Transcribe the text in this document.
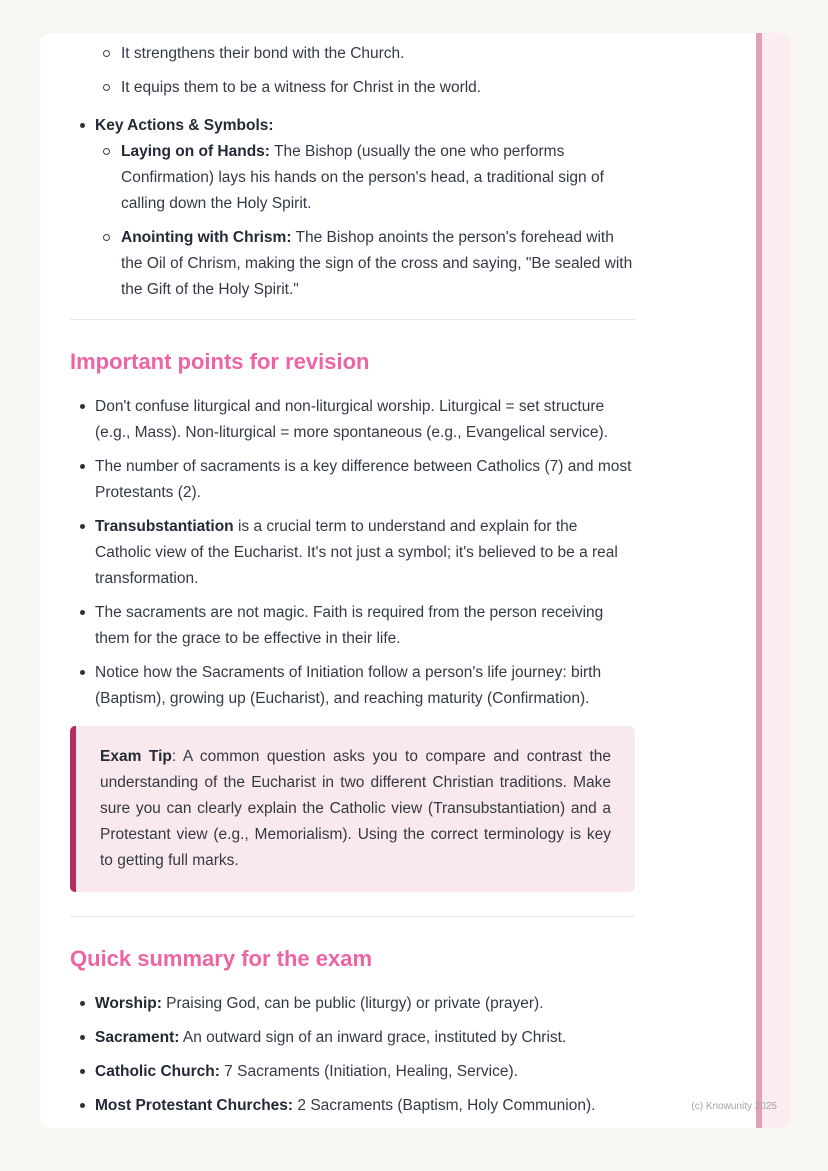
It strengthens their bond with the Church.

It equips them to be a witness for Christ in the world.

Key Actions & Symbols:

Laying on of Hands: The Bishop (usually the one who performs Confirmation) lays his hands on the person's head, a traditional sign of calling down the Holy Spirit.

Anointing with Chrism: The Bishop anoints the person's forehead with the Oil of Chrism, making the sign of the cross and saying, "Be sealed with the Gift of the Holy Spirit."

Important points for revision

Don't confuse liturgical and non-liturgical worship. Liturgical = set structure (e.g., Mass). Non-liturgical = more spontaneous (e.g., Evangelical service).

The number of sacraments is a key difference between Catholics (7) and most Protestants (2).

Transubstantiation is a crucial term to understand and explain for the Catholic view of the Eucharist. It's not just a symbol; it's believed to be a real transformation.

The sacraments are not magic. Faith is required from the person receiving them for the grace to be effective in their life.

Notice how the Sacraments of Initiation follow a person's life journey: birth (Baptism), growing up (Eucharist), and reaching maturity (Confirmation).

Exam Tip: A common question asks you to compare and contrast the understanding of the Eucharist in two different Christian traditions. Make sure you can clearly explain the Catholic view (Transubstantiation) and a Protestant view (e.g., Memorialism). Using the correct terminology is key to getting full marks.

Quick summary for the exam

Worship: Praising God, can be public (liturgy) or private (prayer).

Sacrament: An outward sign of an inward grace, instituted by Christ.

Catholic Church: 7 Sacraments (Initiation, Healing, Service).

Most Protestant Churches: 2 Sacraments (Baptism, Holy Communion).	(c) Knowunity 2025
